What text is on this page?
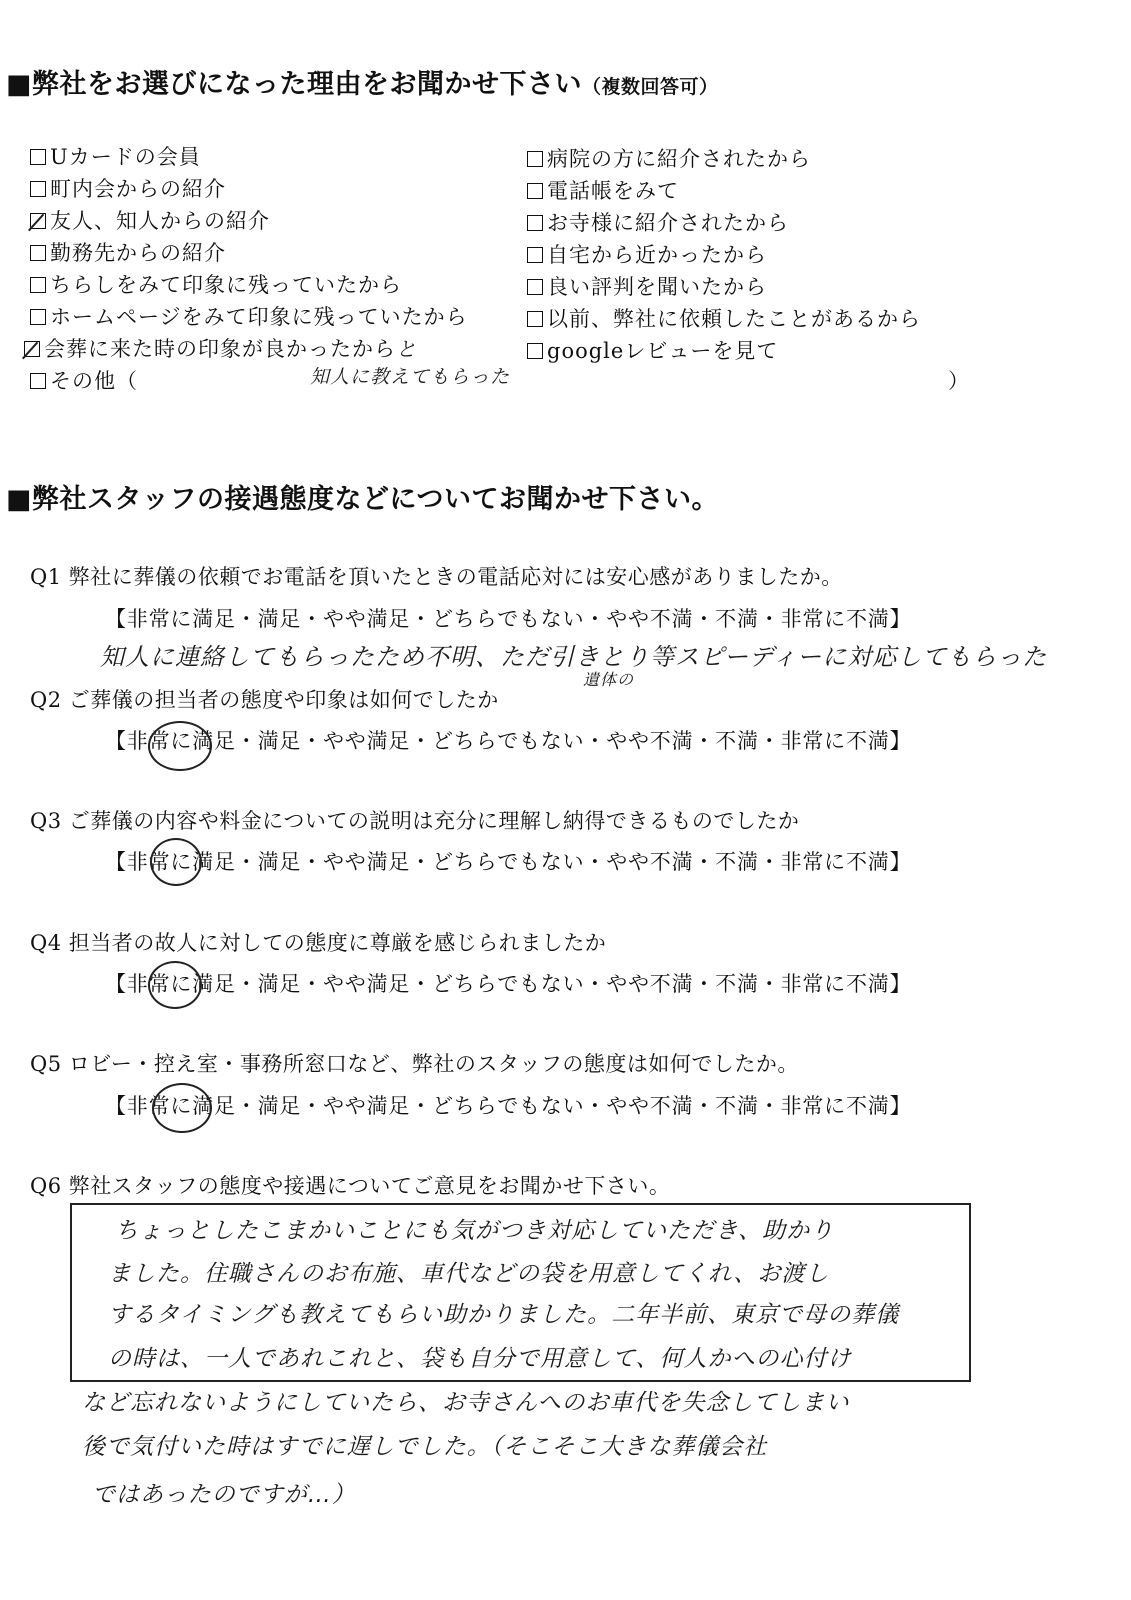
■弊社をお選びになった理由をお聞かせ下さい（複数回答可）
Uカードの会員
町内会からの紹介
友人、知人からの紹介
勤務先からの紹介
ちらしをみて印象に残っていたから
ホームページをみて印象に残っていたから
会葬に来た時の印象が良かったからと
その他（	知人に教えてもらった	）
病院の方に紹介されたから
電話帳をみて
お寺様に紹介されたから
自宅から近かったから
良い評判を聞いたから
以前、弊社に依頼したことがあるから
googleレビューを見て
■弊社スタッフの接遇態度などについてお聞かせ下さい。
Q1 弊社に葬儀の依頼でお電話を頂いたときの電話応対には安心感がありましたか。
【非常に満足・満足・やや満足・どちらでもない・やや不満・不満・非常に不満】
知人に連絡してもらったため不明、ただ引きとり等スピーディーに対応してもらった
遺体の
Q2 ご葬儀の担当者の態度や印象は如何でしたか
【非常に満足・満足・やや満足・どちらでもない・やや不満・不満・非常に不満】
Q3 ご葬儀の内容や料金についての説明は充分に理解し納得できるものでしたか
【非常に満足・満足・やや満足・どちらでもない・やや不満・不満・非常に不満】
Q4 担当者の故人に対しての態度に尊厳を感じられましたか
【非常に満足・満足・やや満足・どちらでもない・やや不満・不満・非常に不満】
Q5 ロビー・控え室・事務所窓口など、弊社のスタッフの態度は如何でしたか。
【非常に満足・満足・やや満足・どちらでもない・やや不満・不満・非常に不満】
Q6 弊社スタッフの態度や接遇についてご意見をお聞かせ下さい。
ちょっとしたこまかいことにも気がつき対応していただき、助かり
ました。住職さんのお布施、車代などの袋を用意してくれ、お渡し
するタイミングも教えてもらい助かりました。二年半前、東京で母の葬儀
の時は、一人であれこれと、袋も自分で用意して、何人かへの心付け
など忘れないようにしていたら、お寺さんへのお車代を失念してしまい
後で気付いた時はすでに遅しでした。（そこそこ大きな葬儀会社
ではあったのですが…）
